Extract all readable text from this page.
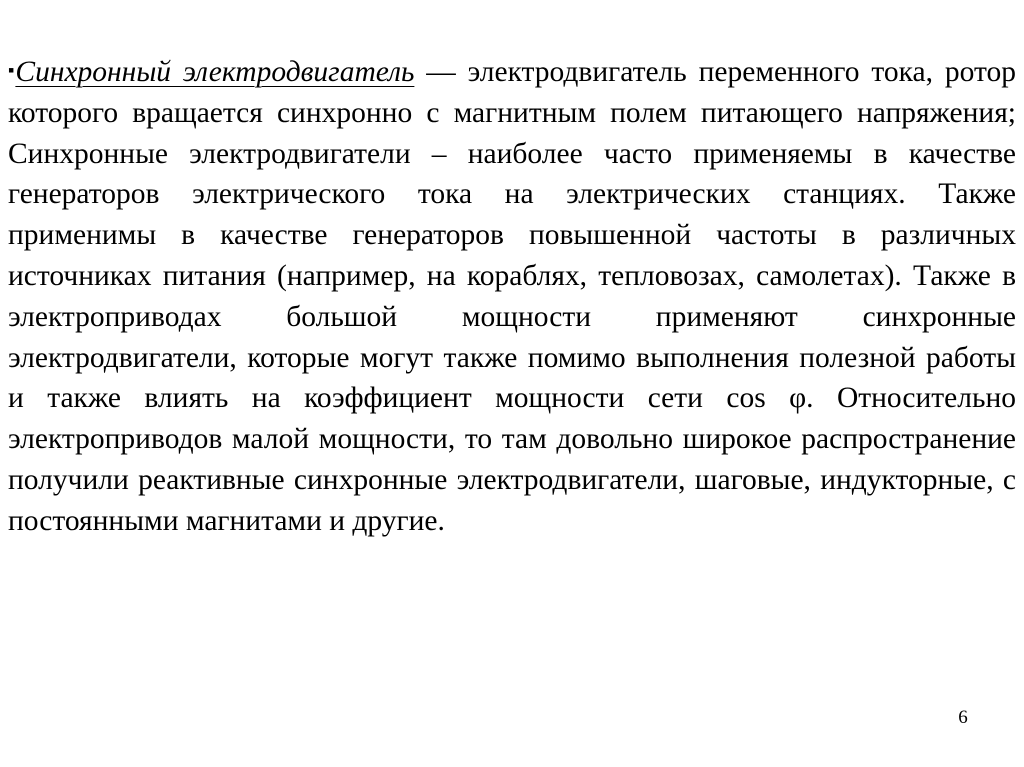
▪Синхронный электродвигатель — электродвигатель переменного тока, ротор которого вращается синхронно с магнитным полем питающего напряжения; Синхронные электродвигатели – наиболее часто применяемы в качестве генераторов электрического тока на электрических станциях. Также применимы в качестве генераторов повышенной частоты в различных источниках питания (например, на кораблях, тепловозах, самолетах). Также в электроприводах большой мощности применяют синхронные электродвигатели, которые могут также помимо выполнения полезной работы и также влиять на коэффициент мощности сети cos φ. Относительно электроприводов малой мощности, то там довольно широкое распространение получили реактивные синхронные электродвигатели, шаговые, индукторные, с постоянными магнитами и другие.

6
